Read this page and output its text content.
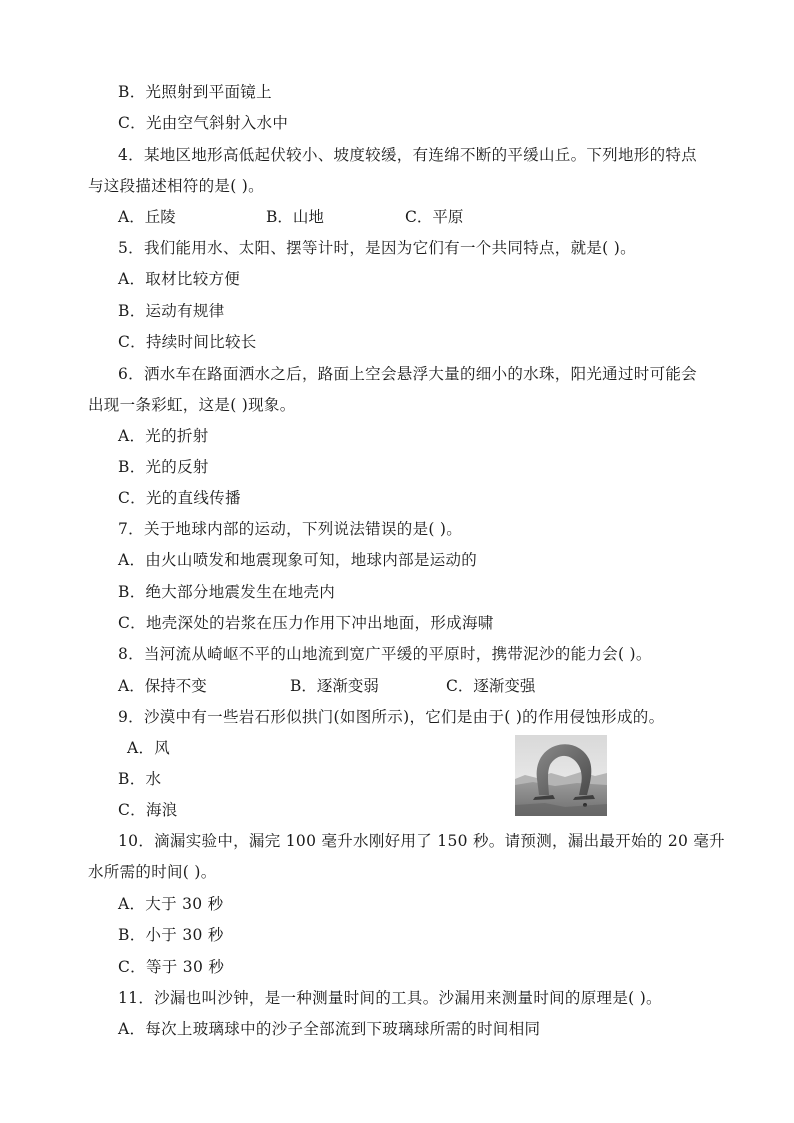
B．光照射到平面镜上
C．光由空气斜射入水中
4．某地区地形高低起伏较小、坡度较缓，有连绵不断的平缓山丘。下列地形的特点
与这段描述相符的是( )。
A．丘陵	B．山地	C．平原
5．我们能用水、太阳、摆等计时，是因为它们有一个共同特点，就是( )。
A．取材比较方便
B．运动有规律
C．持续时间比较长
6．洒水车在路面洒水之后，路面上空会悬浮大量的细小的水珠，阳光通过时可能会
出现一条彩虹，这是( )现象。
A．光的折射
B．光的反射
C．光的直线传播
7．关于地球内部的运动，下列说法错误的是( )。
A．由火山喷发和地震现象可知，地球内部是运动的
B．绝大部分地震发生在地壳内
C．地壳深处的岩浆在压力作用下冲出地面，形成海啸
8．当河流从崎岖不平的山地流到宽广平缓的平原时，携带泥沙的能力会( )。
A．保持不变	B．逐渐变弱	C．逐渐变强
9．沙漠中有一些岩石形似拱门(如图所示)，它们是由于( )的作用侵蚀形成的。
A．风
B．水
C．海浪
10．滴漏实验中，漏完 100 毫升水刚好用了 150 秒。请预测，漏出最开始的 20 毫升
水所需的时间( )。
A．大于 30 秒
B．小于 30 秒
C．等于 30 秒
11．沙漏也叫沙钟，是一种测量时间的工具。沙漏用来测量时间的原理是( )。
A．每次上玻璃球中的沙子全部流到下玻璃球所需的时间相同
